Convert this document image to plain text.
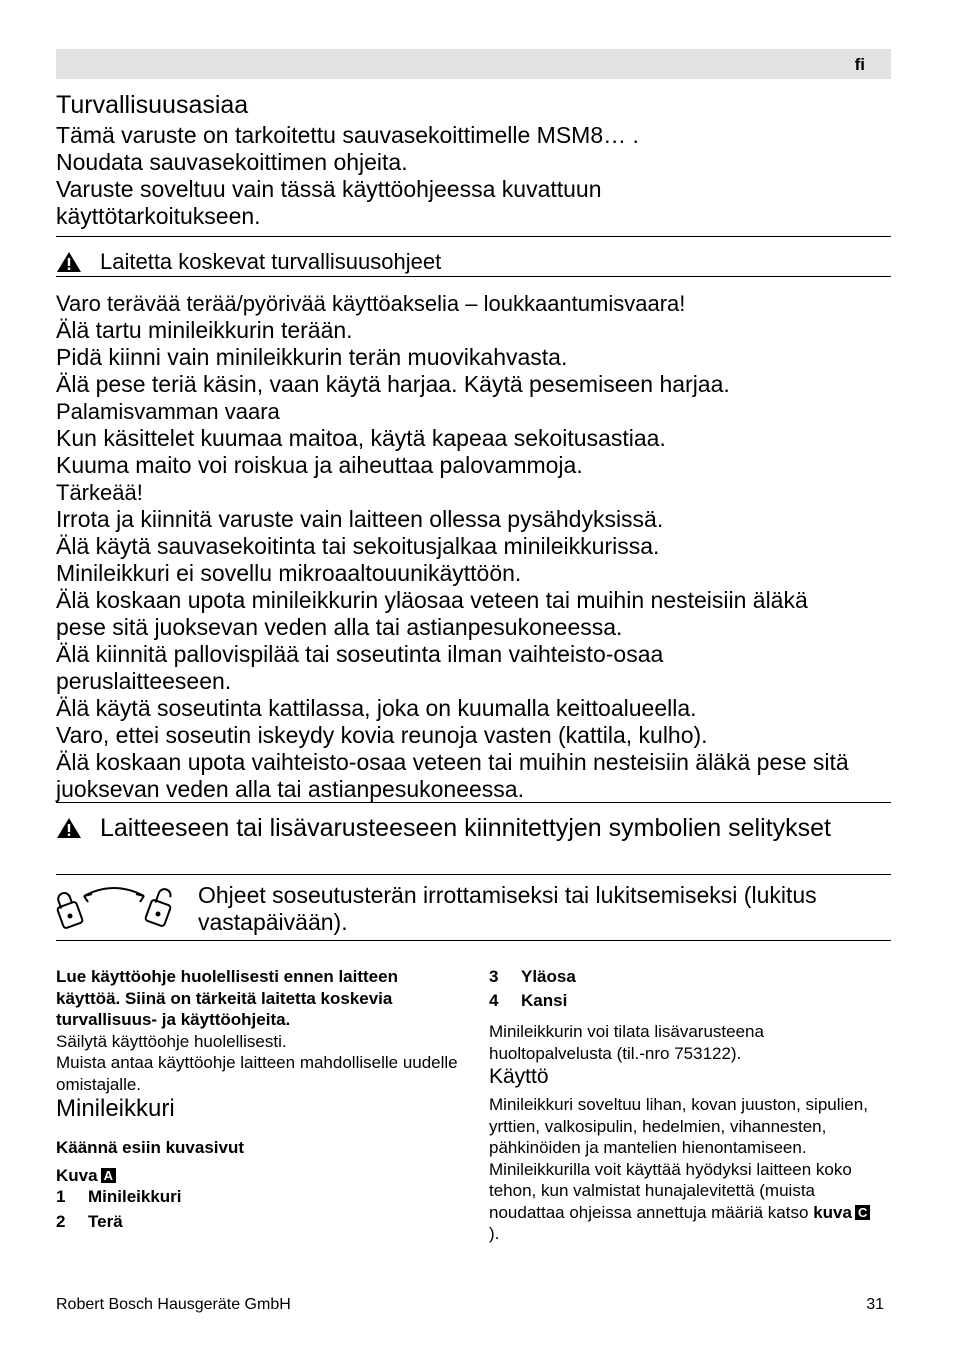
fi
Turvallisuusasiaa
Tämä varuste on tarkoitettu sauvasekoittimelle MSM8… .
Noudata sauvasekoittimen ohjeita.
Varuste soveltuu vain tässä käyttöohjeessa kuvattuun käyttötarkoitukseen.
Laitetta koskevat turvallisuusohjeet

Varo terävää terää/pyörivää käyttöakselia – loukkaantumisvaara!

Älä tartu minileikkurin terään.

Pidä kiinni vain minileikkurin terän muovikahvasta.

Älä pese teriä käsin, vaan käytä harjaa. Käytä pesemiseen harjaa.

Palamisvamman vaara

Kun käsittelet kuumaa maitoa, käytä kapeaa sekoitusastiaa.

Kuuma maito voi roiskua ja aiheuttaa palovammoja.

Tärkeää!

Irrota ja kiinnitä varuste vain laitteen ollessa pysähdyksissä.

Älä käytä sauvasekoitinta tai sekoitusjalkaa minileikkurissa.

Minileikkuri ei sovellu mikroaaltouunikäyttöön.

Älä koskaan upota minileikkurin yläosaa veteen tai muihin nesteisiin äläkä pese sitä juoksevan veden alla tai astianpesukoneessa.

Älä kiinnitä pallovispilää tai soseutinta ilman vaihteisto-osaa peruslaitteeseen.

Älä käytä soseutinta kattilassa, joka on kuumalla keittoalueella.

Varo, ettei soseutin iskeydy kovia reunoja vasten (kattila, kulho).

Älä koskaan upota vaihteisto-osaa veteen tai muihin nesteisiin äläkä pese sitä juoksevan veden alla tai astianpesukoneessa.

Laitteeseen tai lisävarusteeseen kiinnitettyjen symbolien selitykset
Ohjeet soseutusterän irrottamiseksi tai lukitsemiseksi (lukitus vastapäivään).

Lue käyttöohje huolellisesti ennen laitteen käyttöä. Siinä on tärkeitä laitetta koskevia turvallisuus- ja käyttöohjeita.

Säilytä käyttöohje huolellisesti.

Muista antaa käyttöohje laitteen mahdolliselle uudelle omistajalle.

Minileikkuri

Käännä esiin kuvasivut

Kuva A

1	Minileikkuri
2	Terä
3	Yläosa
4	Kansi

Minileikkurin voi tilata lisävarusteena huoltopalvelusta (til.-nro 753122).

Käyttö

Minileikkuri soveltuu lihan, kovan juuston, sipulien, yrttien, valkosipulin, hedelmien, vihannesten, pähkinöiden ja mantelien hienontamiseen. Minileikkurilla voit käyttää hyödyksi laitteen koko tehon, kun valmistat hunajalevitettä (muista noudattaa ohjeissa annettuja määriä katso kuva C).

Robert Bosch Hausgeräte GmbH	31
